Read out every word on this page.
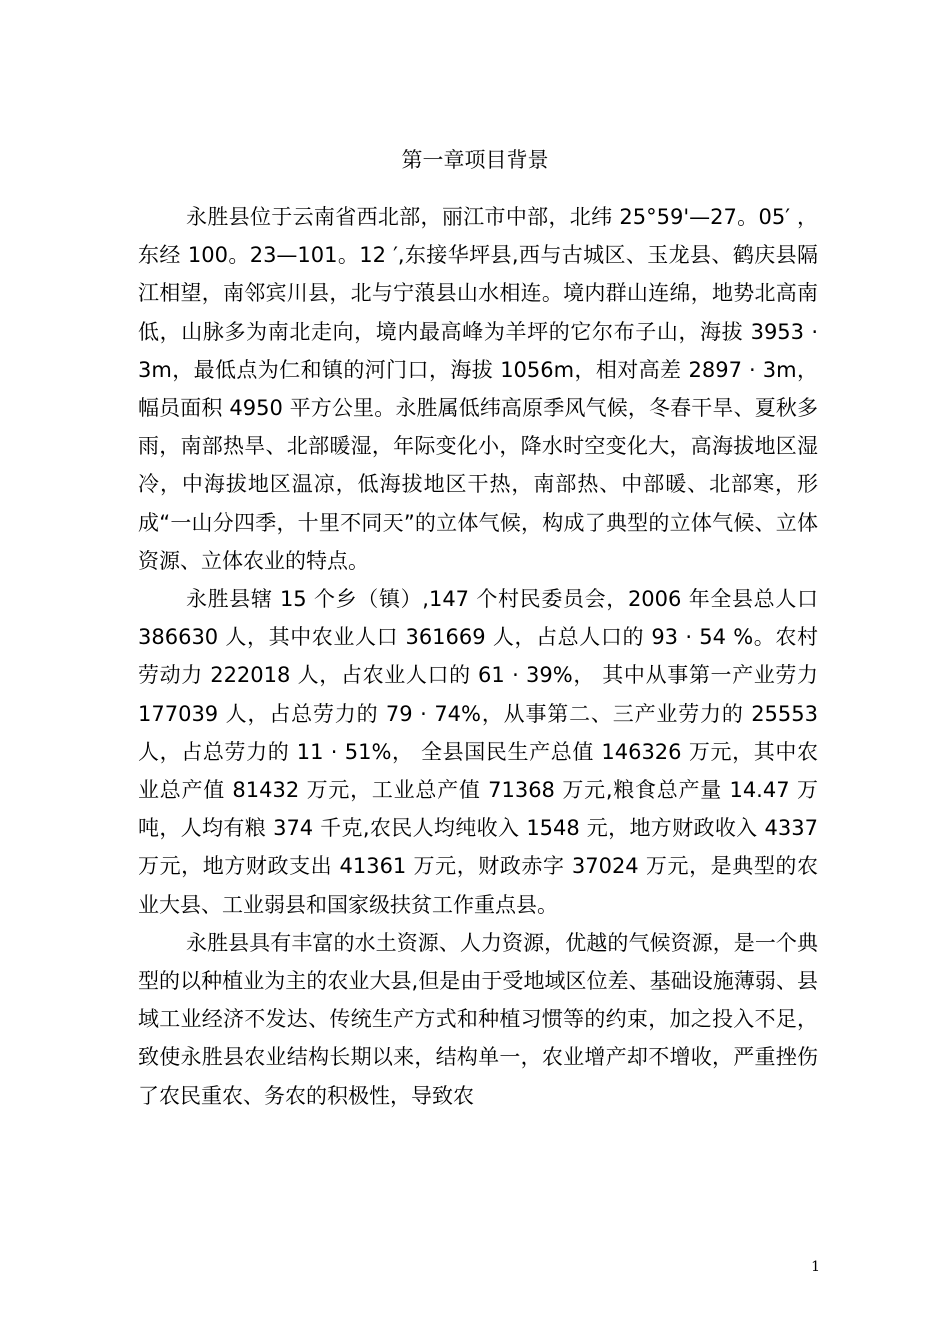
第一章项目背景

永胜县位于云南省西北部，丽江市中部，北纬 25°59'—27。05′ ，东经 100。23—101。12 ′,东接华坪县,西与古城区、玉龙县、鹤庆县隔江相望，南邻宾川县，北与宁蒗县山水相连。境内群山连绵，地势北高南低，山脉多为南北走向，境内最高峰为羊坪的它尔布子山，海拔 3953 · 3m，最低点为仁和镇的河门口，海拔 1056m，相对高差 2897 · 3m，幅员面积 4950 平方公里。永胜属低纬高原季风气候，冬春干旱、夏秋多雨，南部热旱、北部暖湿，年际变化小，降水时空变化大，高海拔地区湿冷，中海拔地区温凉，低海拔地区干热，南部热、中部暖、北部寒，形成“一山分四季，十里不同天”的立体气候，构成了典型的立体气候、立体资源、立体农业的特点。

永胜县辖 15 个乡（镇）,147 个村民委员会，2006 年全县总人口 386630 人，其中农业人口 361669 人，占总人口的 93 · 54 %。农村劳动力 222018 人，占农业人口的 61 · 39%， 其中从事第一产业劳力 177039 人，占总劳力的 79 · 74%，从事第二、三产业劳力的 25553 人，占总劳力的 11 · 51%， 全县国民生产总值 146326 万元，其中农业总产值 81432 万元，工业总产值 71368 万元,粮食总产量 14.47 万吨，人均有粮 374 千克,农民人均纯收入 1548 元，地方财政收入 4337 万元，地方财政支出 41361 万元，财政赤字 37024 万元，是典型的农业大县、工业弱县和国家级扶贫工作重点县。

永胜县具有丰富的水土资源、人力资源，优越的气候资源，是一个典型的以种植业为主的农业大县,但是由于受地域区位差、基础设施薄弱、县域工业经济不发达、传统生产方式和种植习惯等的约束，加之投入不足，致使永胜县农业结构长期以来，结构单一，农业增产却不增收，严重挫伤了农民重农、务农的积极性，导致农

1
